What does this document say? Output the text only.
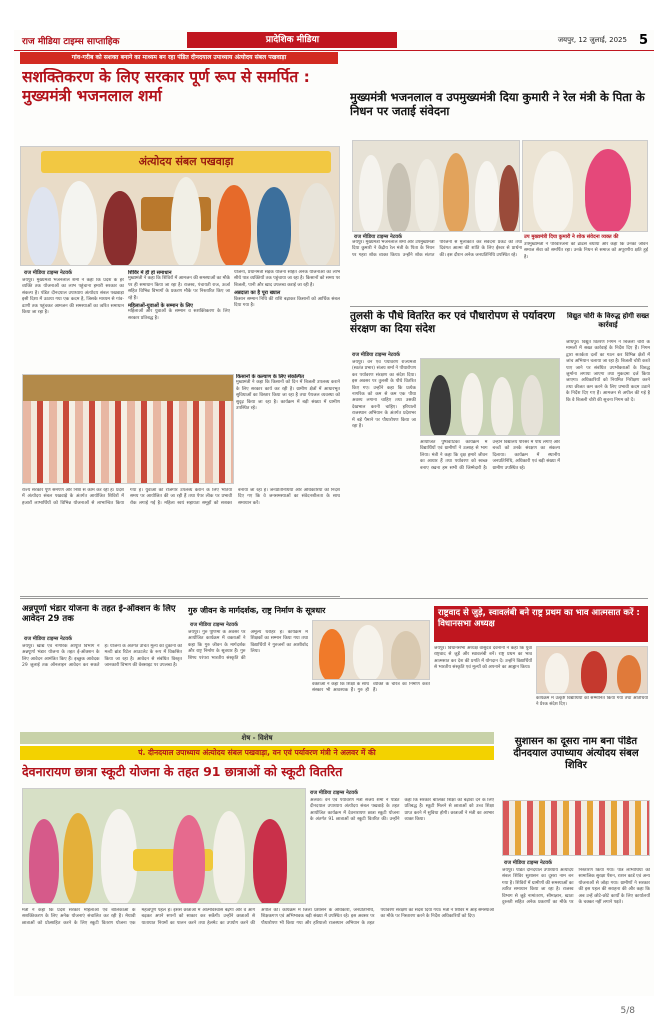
राज मीडिया टाइम्स साप्ताहिक	प्रादेशिक मीडिया	जयपुर, 12 जुलाई, 2025 5
गांव-गरीब को सशक्त बनाने का माध्यम बन रहा पंडित दीनदयाल उपाध्याय अंत्योदय संबल पखवाड़ा
सशक्तिकरण के लिए सरकार पूर्ण रूप से समर्पित : मुख्यमंत्री भजनलाल शर्मा
अंत्योदय संबल पखवाड़ा
राज मीडिया टाइम्स नेटवर्क

जयपुर। मुख्यमंत्री भजनलाल शर्मा ने कहा कि प्रदेश के हर व्यक्ति तक योजनाओं का लाभ पहुंचाना हमारी सरकार का संकल्प है। पंडित दीनदयाल उपाध्याय अंत्योदय संबल पखवाड़ा इसी दिशा में उठाया गया एक कदम है, जिसके माध्यम से गांव-ढाणी तक पहुंचकर आमजन की समस्याओं का त्वरित समाधान किया जा रहा है।

शिविर में ही हो समाधान

मुख्यमंत्री ने कहा कि शिविरों में आमजन की समस्याओं का मौके पर ही समाधान किया जा रहा है। राजस्व, पंचायती राज, ऊर्जा सहित विभिन्न विभागों के प्रकरण मौके पर निस्तारित किए जा रहे हैं।

महिलाओं-युवाओं के सम्मान के लिए

महिलाओं और युवाओं के सम्मान व सशक्तिकरण के लिए सरकार प्रतिबद्ध है।

योजना, प्रधानमंत्री सड़क योजना सहित अनेक योजनाओं का लाभ सीधे पात्र व्यक्तियों तक पहुंचाया जा रहा है। किसानों को समय पर बिजली, पानी और खाद उपलब्ध कराई जा रही है।

अन्नदाता का है पूरा ख्याल

किसान सम्मान निधि की राशि बढ़ाकर किसानों को आर्थिक संबल दिया गया है।

किसानों के कल्याण के लिए संकल्पित

मुख्यमंत्री ने कहा कि किसानों को दिन में बिजली उपलब्ध कराने के लिए सरकार कार्य कर रही है। ग्रामीण क्षेत्रों में आधारभूत सुविधाओं का विस्तार किया जा रहा है तथा पेयजल व्यवस्था को सुदृढ़ किया जा रहा है। कार्यक्रम में बड़ी संख्या में ग्रामीण उपस्थित रहे।

राज्य सरकार पूर्ण समर्पण और निष्ठा से काम कर रही है। प्रदेश में अंत्योदय संबल पखवाड़े के अंतर्गत आयोजित शिविरों में हजारों लाभार्थियों को विभिन्न योजनाओं से लाभान्वित किया गया है। युवाओं को रोजगार उपलब्ध कराने के लिए भर्तियां समय पर आयोजित की जा रही हैं तथा पेपर लीक पर प्रभावी रोक लगाई गई है। महिला स्वयं सहायता समूहों को सशक्त बनाया जा रहा है। जनप्रतिनिधियों और अधिकारियों को निर्देश दिए गए कि वे जनसमस्याओं का संवेदनशीलता के साथ समाधान करें।

मुख्यमंत्री भजनलाल व उपमुख्यमंत्री दिया कुमारी ने रेल मंत्री के पिता के निधन पर जताई संवेदना
राज मीडिया टाइम्स नेटवर्क

जयपुर। मुख्यमंत्री भजनलाल शर्मा और उपमुख्यमंत्री दिया कुमारी ने केंद्रीय रेल मंत्री के पिता के निधन पर गहरा शोक व्यक्त किया। उन्होंने शोक संतप्त परिजनों से मुलाकात कर संवेदना प्रकट की तथा दिवंगत आत्मा की शांति के लिए ईश्वर से प्रार्थना की। इस दौरान अनेक जनप्रतिनिधि उपस्थित रहे।

उप मुख्यमंत्री दिया कुमारी ने शोक संवेदना व्यक्त की

उपमुख्यमंत्री ने परिवारजनों को ढांढस बंधाया और कहा कि उनका जीवन समाज सेवा को समर्पित रहा। उनके निधन से समाज को अपूरणीय क्षति हुई है।

तुलसी के पौधे वितरित कर एवं पौधारोपण से पर्यावरण संरक्षण का दिया संदेश
राज मीडिया टाइम्स नेटवर्क

जयपुर। वन एवं पर्यावरण राज्यमंत्री (स्वतंत्र प्रभार) संजय शर्मा ने पौधारोपण कर पर्यावरण संरक्षण का संदेश दिया। इस अवसर पर तुलसी के पौधे वितरित किए गए। उन्होंने कहा कि प्रत्येक नागरिक को कम से कम एक पौधा अवश्य लगाना चाहिए तथा उसकी देखभाल करनी चाहिए। हरियालो राजस्थान अभियान के अंतर्गत प्रदेशभर में बड़े पैमाने पर पौधारोपण किया जा रहा है।

आयोजित पुष्पवाटिका कार्यक्रम में विद्यार्थियों एवं ग्रामीणों ने उत्साह से भाग लिया। मंत्री ने कहा कि वृक्ष हमारे जीवन का आधार हैं तथा पर्यावरण को स्वच्छ बनाए रखना हम सभी की जिम्मेदारी है। उन्होंने विद्यालय परिसर में पौधे लगाए और बच्चों को उनके संरक्षण का संकल्प दिलाया। कार्यक्रम में स्थानीय जनप्रतिनिधि, अधिकारी एवं बड़ी संख्या में ग्रामीण उपस्थित रहे।

विद्युत चोरी के विरुद्ध होगी सख्त कार्रवाई

जोधपुर। विद्युत वितरण निगम ने बिजली चोरी के मामलों में सख्त कार्रवाई के निर्देश दिए हैं। निगम द्वारा सतर्कता दलों का गठन कर विभिन्न क्षेत्रों में जांच अभियान चलाया जा रहा है। बिजली चोरी करते पाए जाने पर संबंधित उपभोक्ताओं के विरुद्ध जुर्माना लगाया जाएगा तथा मुकदमा दर्ज किया जाएगा। अधिकारियों को नियमित निरीक्षण करने तथा छीजत कम करने के लिए प्रभावी कदम उठाने के निर्देश दिए गए हैं। आमजन से अपील की गई है कि वे बिजली चोरी की सूचना निगम को दें।

अन्नपूर्णा भंडार योजना के तहत ई-ऑक्शन के लिए आवेदन 29 तक
राज मीडिया टाइम्स नेटवर्क

जयपुर। खाद्य एवं नागरिक आपूर्ति विभाग ने अन्नपूर्णा भंडार योजना के तहत ई-ऑक्शन के लिए आवेदन आमंत्रित किए हैं। इच्छुक आवेदक 29 जुलाई तक ऑनलाइन आवेदन कर सकते हैं। योजना के अंतर्गत उचित मूल्य की दुकानों को मल्टी ब्रांड रिटेल आउटलेट के रूप में विकसित किया जा रहा है। आवेदन से संबंधित विस्तृत जानकारी विभाग की वेबसाइट पर उपलब्ध है।

गुरु जीवन के मार्गदर्शक, राष्ट्र निर्माण के सूत्रधार
राज मीडिया टाइम्स नेटवर्क

जयपुर। गुरु पूर्णिमा के अवसर पर आयोजित कार्यक्रम में वक्ताओं ने कहा कि गुरु जीवन के मार्गदर्शक और राष्ट्र निर्माण के सूत्रधार हैं। गुरु शिष्य परंपरा भारतीय संस्कृति की अमूल्य धरोहर है। कार्यक्रम में शिक्षकों का सम्मान किया गया तथा विद्यार्थियों ने गुरुजनों का आशीर्वाद लिया।

वक्ताओं ने कहा कि शिक्षा के साथ संस्कार भी आवश्यक हैं। गुरु ही व्यक्ति के चरित्र का निर्माण करते हैं।

राष्ट्रवाद से जुड़े, स्वावलंबी बने राष्ट्र प्रथम का भाव आत्मसात करें : विधानसभा अध्यक्ष

जयपुर। विधानसभा अध्यक्ष वासुदेव देवनानी ने कहा कि युवा राष्ट्रवाद से जुड़ें और स्वावलंबी बनें। राष्ट्र प्रथम का भाव आत्मसात कर देश की प्रगति में योगदान दें। उन्होंने विद्यार्थियों से भारतीय संस्कृति एवं मूल्यों को अपनाने का आह्वान किया।

कार्यक्रम में उत्कृष्ट विद्यार्थियों को सम्मानित किया गया तथा अतिथियों ने प्रेरक संदेश दिए।

शेष - विशेष
पं. दीनदयाल उपाध्याय अंत्योदय संबल पखवाड़ा, वन एवं पर्यावरण मंत्री ने अलवर में की
देवनारायण छात्रा स्कूटी योजना के तहत 91 छात्राओं को स्कूटी वितरित
राज मीडिया टाइम्स नेटवर्क

अलवर। वन एवं पर्यावरण मंत्री संजय शर्मा ने पंडित दीनदयाल उपाध्याय अंत्योदय संबल पखवाड़े के तहत आयोजित कार्यक्रम में देवनारायण छात्रा स्कूटी योजना के अंतर्गत 91 छात्राओं को स्कूटी वितरित की। उन्होंने कहा कि सरकार बालिका शिक्षा को बढ़ावा देने के लिए प्रतिबद्ध है। स्कूटी मिलने से छात्राओं को उच्च शिक्षा प्राप्त करने में सुविधा होगी। छात्राओं ने मंत्री का आभार व्यक्त किया।

मंत्री ने कहा कि प्रदेश सरकार महिलाओं एवं बालिकाओं के सशक्तिकरण के लिए अनेक योजनाएं संचालित कर रही है। मेधावी छात्राओं को प्रोत्साहित करने के लिए स्कूटी वितरण योजना एक महत्वपूर्ण पहल है। इससे छात्राओं में आत्मविश्वास बढ़ेगा और वे आगे बढ़कर अपने सपनों को साकार कर सकेंगी। उन्होंने छात्राओं से यातायात नियमों का पालन करने तथा हेलमेट का उपयोग करने की अपील की। कार्यक्रम में जिला प्रशासन के अधिकारी, जनप्रतिनिधि, शिक्षकगण एवं अभिभावक बड़ी संख्या में उपस्थित रहे। इस अवसर पर पौधारोपण भी किया गया और हरियालो राजस्थान अभियान के तहत पर्यावरण संरक्षण का संदेश दिया गया। मंत्री ने शिविर में आई समस्याओं का मौके पर निस्तारण करने के निर्देश अधिकारियों को दिए।

सुशासन का दूसरा नाम बना पंडित दीनदयाल उपाध्याय अंत्योदय संबल शिविर
राज मीडिया टाइम्स नेटवर्क

जयपुर। पंडित दीनदयाल उपाध्याय अंत्योदय संबल शिविर सुशासन का दूसरा नाम बन गया है। शिविरों में ग्रामीणों की समस्याओं का त्वरित समाधान किया जा रहा है। राजस्व विभाग से जुड़े नामांतरण, सीमाज्ञान, खाता दुरुस्ती सहित अनेक प्रकरणों का मौके पर निस्तारण किया गया। पात्र लाभार्थियों को सामाजिक सुरक्षा पेंशन, राशन कार्ड एवं अन्य योजनाओं से जोड़ा गया। ग्रामीणों ने सरकार की इस पहल की सराहना की और कहा कि अब उन्हें छोटे-छोटे कार्यों के लिए कार्यालयों के चक्कर नहीं लगाने पड़ते।

5/8
